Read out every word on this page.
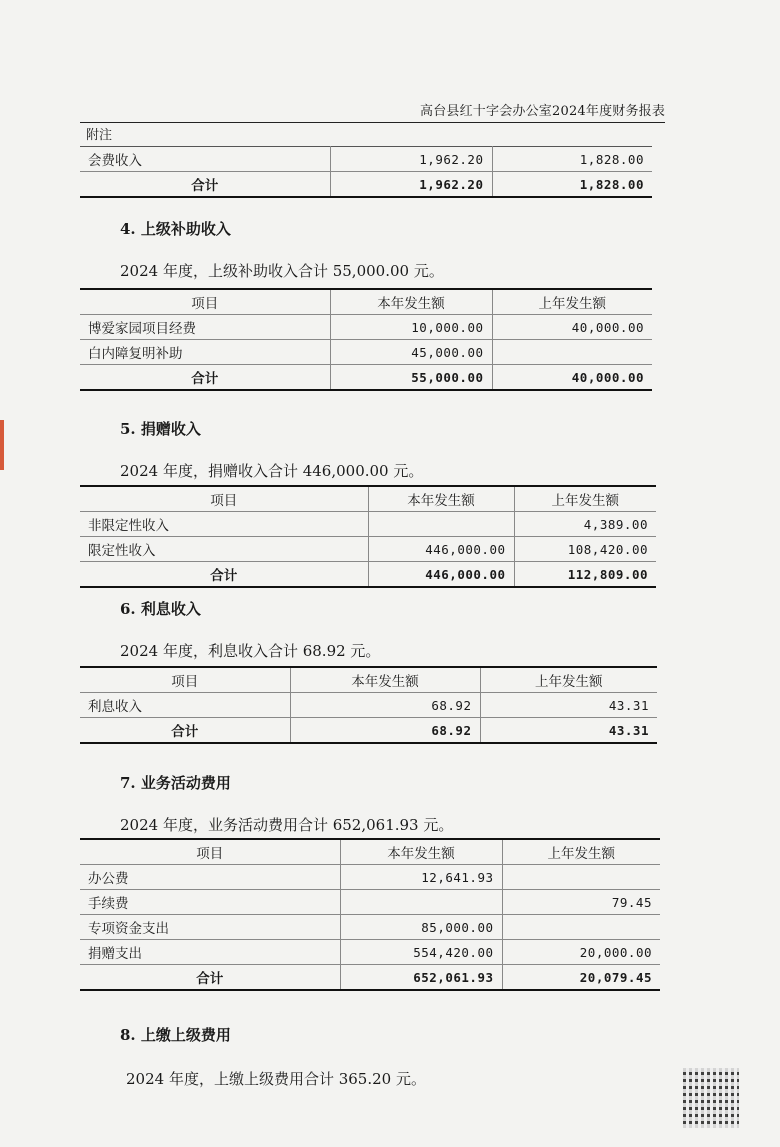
高台县红十字会办公室2024年度财务报表
附注
会费收入	1,962.20	1,828.00
合计	1,962.20	1,828.00
4. 上级补助收入
2024 年度，上级补助收入合计 55,000.00 元。
项目	本年发生额	上年发生额
博爱家园项目经费	10,000.00	40,000.00
白内障复明补助	45,000.00	
合计	55,000.00	40,000.00
5. 捐赠收入
2024 年度，捐赠收入合计 446,000.00 元。
项目	本年发生额	上年发生额
非限定性收入		4,389.00
限定性收入	446,000.00	108,420.00
合计	446,000.00	112,809.00
6. 利息收入
2024 年度，利息收入合计 68.92 元。
项目	本年发生额	上年发生额
利息收入	68.92	43.31
合计	68.92	43.31
7. 业务活动费用
2024 年度，业务活动费用合计 652,061.93 元。
项目	本年发生额	上年发生额
办公费	12,641.93	
手续费		79.45
专项资金支出	85,000.00	
捐赠支出	554,420.00	20,000.00
合计	652,061.93	20,079.45
8. 上缴上级费用
2024 年度，上缴上级费用合计 365.20 元。
